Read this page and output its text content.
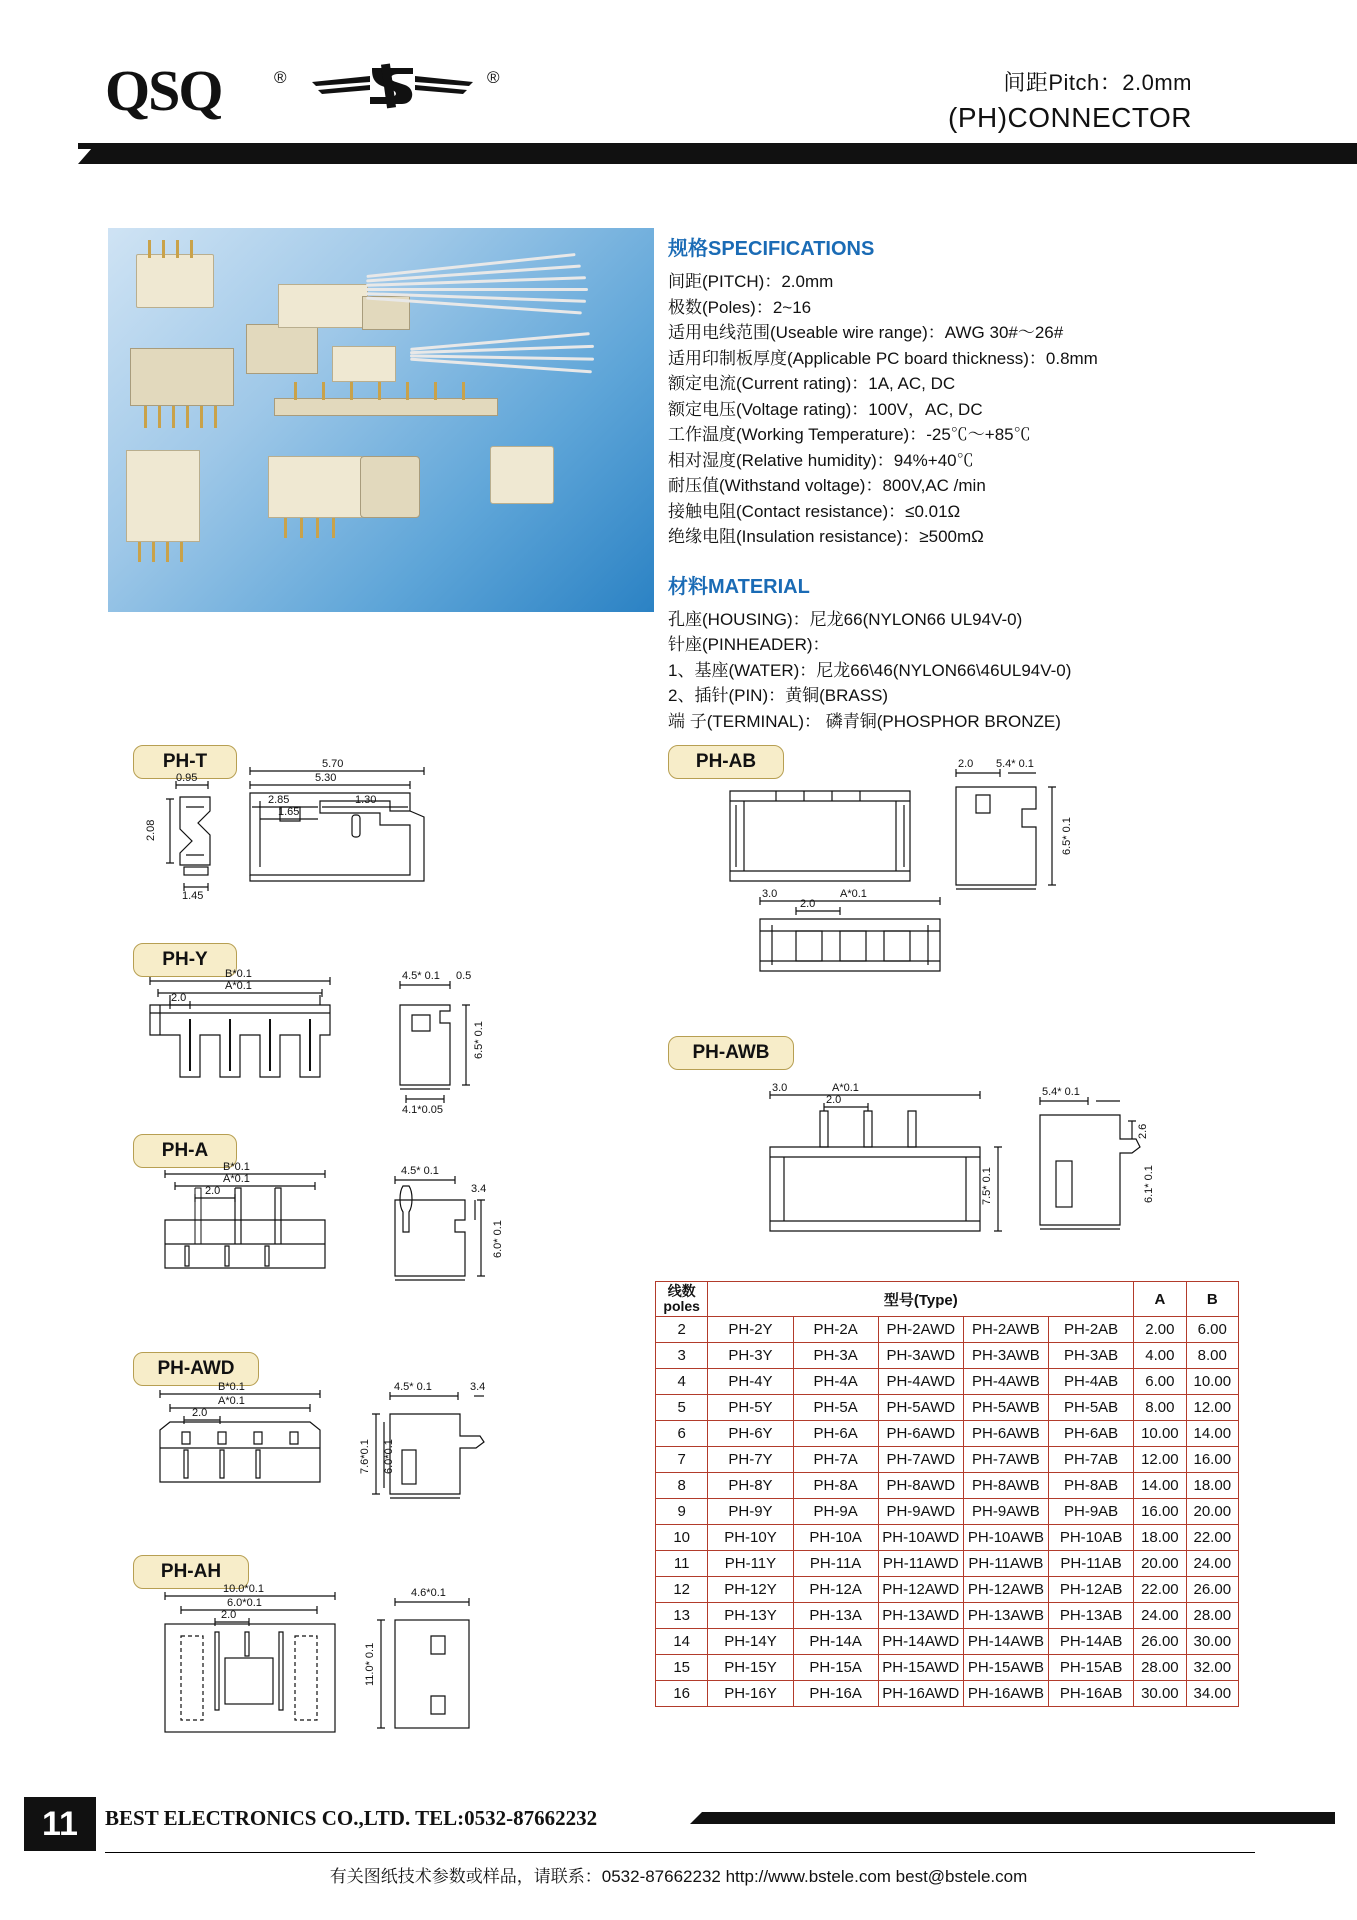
QSQ	®	®	间距Pitch：2.0mm
(PH)CONNECTOR
规格SPECIFICATIONS
间距(PITCH)：2.0mm
极数(Poles)：2~16
适用电线范围(Useable wire range)：AWG 30#～26#
适用印制板厚度(Applicable PC board thickness)：0.8mm
额定电流(Current rating)：1A, AC, DC
额定电压(Voltage rating)：100V，AC, DC
工作温度(Working Temperature)：-25℃～+85℃
相对湿度(Relative humidity)：94%+40℃
耐压值(Withstand voltage)：800V,AC /min
接触电阻(Contact resistance)：≤0.01Ω
绝缘电阻(Insulation resistance)：≥500mΩ
材料MATERIAL
孔座(HOUSING)：尼龙66(NYLON66 UL94V-0)
针座(PINHEADER)：
1、基座(WATER)：尼龙66\46(NYLON66\46UL94V-0)
2、插针(PIN)：黄铜(BRASS)
端 子(TERMINAL)： 磷青铜(PHOSPHOR BRONZE)
PH-T	5.70
5.30
2.85	1.30
1.65
0.95
2.08
1.45
PH-Y
B*0.1
A*0.1
2.0
4.5* 0.1 0.5
6.5* 0.1
4.1*0.05
PH-A
B*0.1
A*0.1
2.0
4.5* 0.1
3.4
6.0* 0.1
PH-AWD
B*0.1
A*0.1
2.0
4.5* 0.1	3.4
7.6*0.1 6.0*0.1
PH-AH
10.0*0.1
6.0*0.1
2.0
4.6*0.1
11.0* 0.1
PH-AB	2.0 5.4* 0.1
6.5* 0.1
3.0
2.0
A*0.1
PH-AWB
3.0	A*0.1
2.0
5.4* 0.1
2.6
7.5* 0.1	6.1* 0.1
线数
poles	型号(Type)					A	B
2	PH-2Y	PH-2A	PH-2AWD	PH-2AWB	PH-2AB	2.00	6.00
3	PH-3Y	PH-3A	PH-3AWD	PH-3AWB	PH-3AB	4.00	8.00
4	PH-4Y	PH-4A	PH-4AWD	PH-4AWB	PH-4AB	6.00	10.00
5	PH-5Y	PH-5A	PH-5AWD	PH-5AWB	PH-5AB	8.00	12.00
6	PH-6Y	PH-6A	PH-6AWD	PH-6AWB	PH-6AB	10.00	14.00
7	PH-7Y	PH-7A	PH-7AWD	PH-7AWB	PH-7AB	12.00	16.00
8	PH-8Y	PH-8A	PH-8AWD	PH-8AWB	PH-8AB	14.00	18.00
9	PH-9Y	PH-9A	PH-9AWD	PH-9AWB	PH-9AB	16.00	20.00
10	PH-10Y	PH-10A	PH-10AWD	PH-10AWB	PH-10AB	18.00	22.00
11	PH-11Y	PH-11A	PH-11AWD	PH-11AWB	PH-11AB	20.00	24.00
12	PH-12Y	PH-12A	PH-12AWD	PH-12AWB	PH-12AB	22.00	26.00
13	PH-13Y	PH-13A	PH-13AWD	PH-13AWB	PH-13AB	24.00	28.00
14	PH-14Y	PH-14A	PH-14AWD	PH-14AWB	PH-14AB	26.00	30.00
15	PH-15Y	PH-15A	PH-15AWD	PH-15AWB	PH-15AB	28.00	32.00
16	PH-16Y	PH-16A	PH-16AWD	PH-16AWB	PH-16AB	30.00	34.00
11	BEST ELECTRONICS CO.,LTD. TEL:0532-87662232
有关图纸技术参数或样品，请联系：0532-87662232 http://www.bstele.com best@bstele.com
